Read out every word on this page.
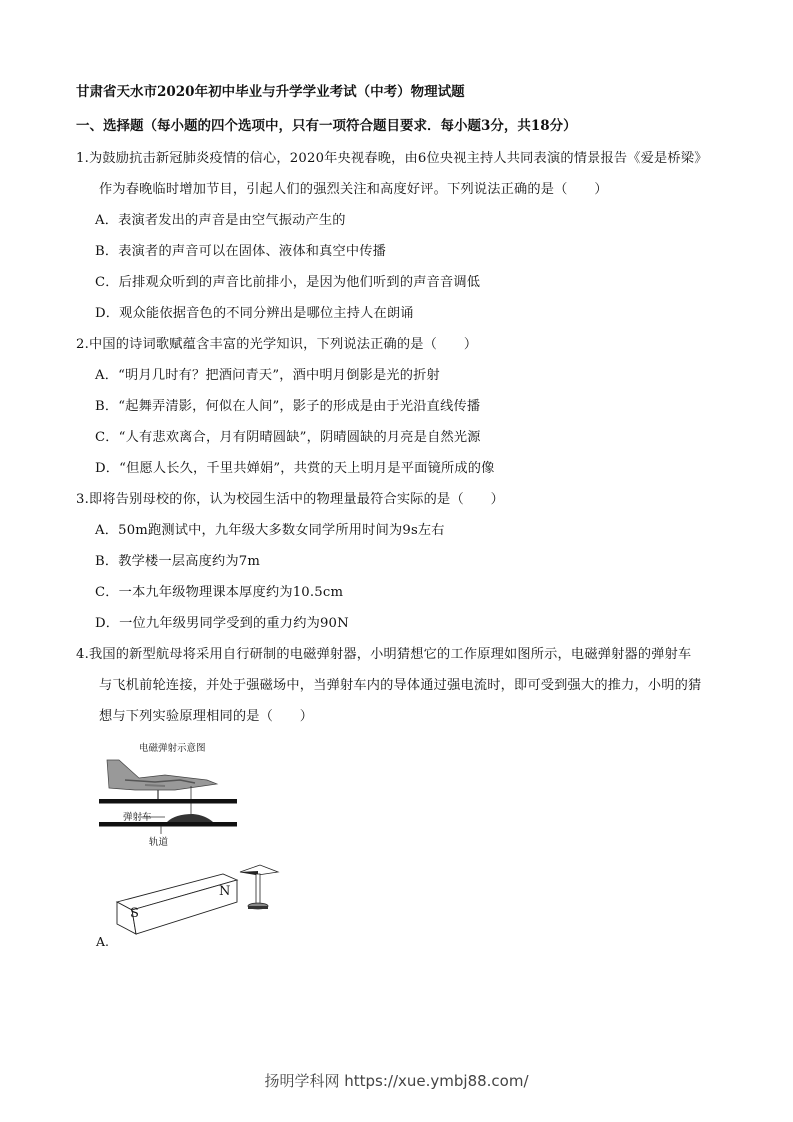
甘肃省天水市2020年初中毕业与升学学业考试（中考）物理试题
一、选择题（每小题的四个选项中，只有一项符合题目要求．每小题3分，共18分）
1.为鼓励抗击新冠肺炎疫情的信心，2020年央视春晚，由6位央视主持人共同表演的情景报告《爱是桥梁》
作为春晚临时增加节目，引起人们的强烈关注和高度好评。下列说法正确的是（　　）
A．表演者发出的声音是由空气振动产生的
B．表演者的声音可以在固体、液体和真空中传播
C．后排观众听到的声音比前排小，是因为他们听到的声音音调低
D．观众能依据音色的不同分辨出是哪位主持人在朗诵
2.中国的诗词歌赋蕴含丰富的光学知识，下列说法正确的是（　　）
A．“明月几时有？把酒问青天”，酒中明月倒影是光的折射
B．“起舞弄清影，何似在人间”，影子的形成是由于光沿直线传播
C．“人有悲欢离合，月有阴晴圆缺”，阴晴圆缺的月亮是自然光源
D．“但愿人长久，千里共婵娟”，共赏的天上明月是平面镜所成的像
3.即将告别母校的你，认为校园生活中的物理量最符合实际的是（　　）
A．50m跑测试中，九年级大多数女同学所用时间为9s左右
B．教学楼一层高度约为7m
C．一本九年级物理课本厚度约为10.5cm
D．一位九年级男同学受到的重力约为90N
4.我国的新型航母将采用自行研制的电磁弹射器，小明猜想它的工作原理如图所示，电磁弹射器的弹射车
与飞机前轮连接，并处于强磁场中，当弹射车内的导体通过强电流时，即可受到强大的推力，小明的猜
想与下列实验原理相同的是（　　）
电磁弹射示意图
弹射车
轨道
S
N
A.
扬明学科网 https://xue.ymbj88.com/
